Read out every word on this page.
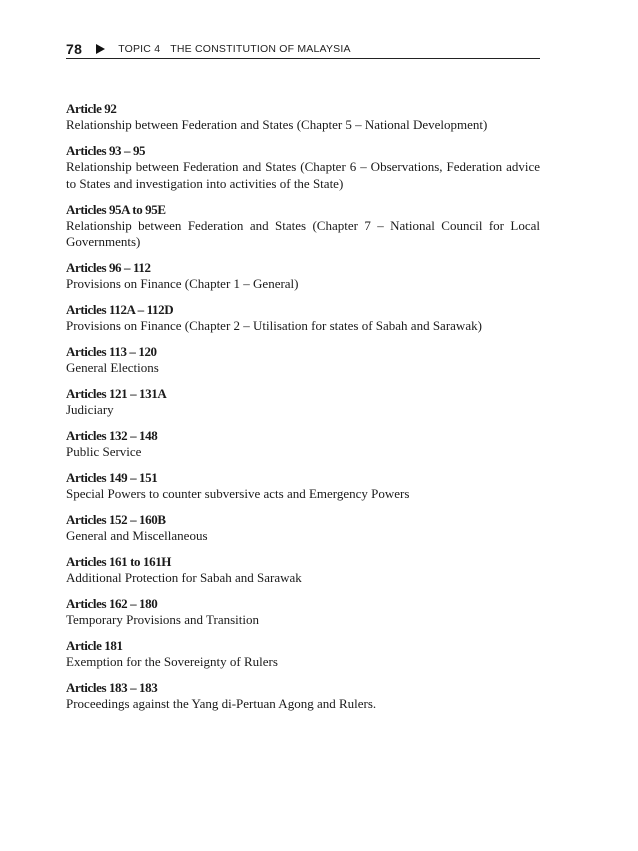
78	TOPIC 4 THE CONSTITUTION OF MALAYSIA
Article 92
Relationship between Federation and States (Chapter 5 – National Development)
Articles 93 – 95
Relationship between Federation and States (Chapter 6 – Observations, Federation advice to States and investigation into activities of the State)
Articles 95A to 95E
Relationship between Federation and States (Chapter 7 – National Council for Local Governments)
Articles 96 – 112
Provisions on Finance (Chapter 1 – General)
Articles 112A – 112D
Provisions on Finance (Chapter 2 – Utilisation for states of Sabah and Sarawak)
Articles 113 – 120
General Elections
Articles 121 – 131A
Judiciary
Articles 132 – 148
Public Service
Articles 149 – 151
Special Powers to counter subversive acts and Emergency Powers
Articles 152 – 160B
General and Miscellaneous
Articles 161 to 161H
Additional Protection for Sabah and Sarawak
Articles 162 – 180
Temporary Provisions and Transition
Article 181
Exemption for the Sovereignty of Rulers
Articles 183 – 183
Proceedings against the Yang di-Pertuan Agong and Rulers.
